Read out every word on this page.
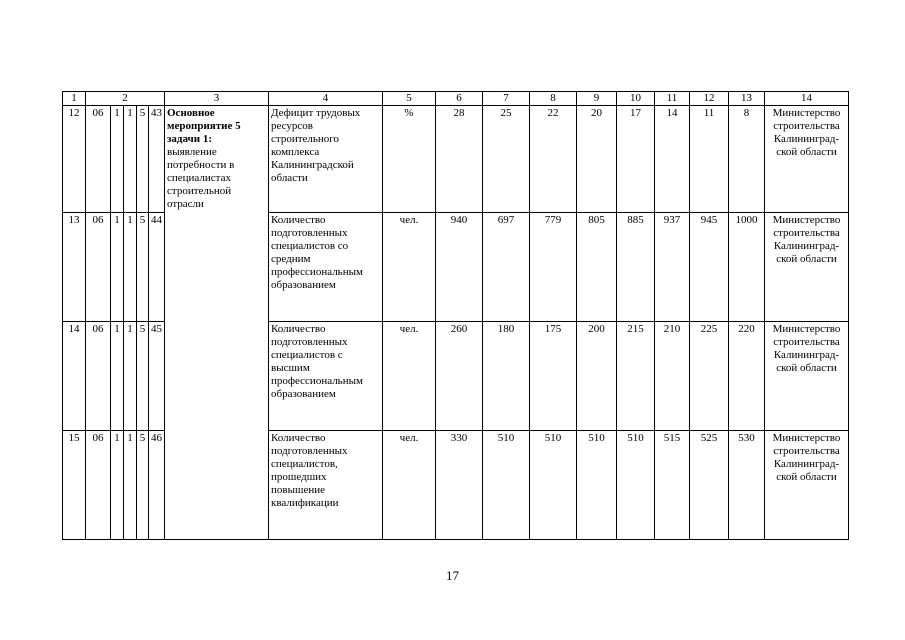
1	2					3	4	5	6	7	8	9	10	11	12	13	14
12	06	1	1	5	43	Основное мероприятие 5 задачи 1:
выявление потребности в специалистах строительной отрасли	Дефицит трудовых ресурсов строительного комплекса Калининградской области	%	28	25	22	20	17	14	11	8	Министерство строительства Калининград-ской области
13	06	1	1	5	44		Количество подготовленных специалистов со средним профессиональным образованием	чел.	940	697	779	805	885	937	945	1000	Министерство строительства Калининград-ской области
14	06	1	1	5	45		Количество подготовленных специалистов с высшим профессиональным образованием	чел.	260	180	175	200	215	210	225	220	Министерство строительства Калининград-ской области
15	06	1	1	5	46		Количество подготовленных специалистов, прошедших повышение квалификации	чел.	330	510	510	510	510	515	525	530	Министерство строительства Калининград-ской области
17
